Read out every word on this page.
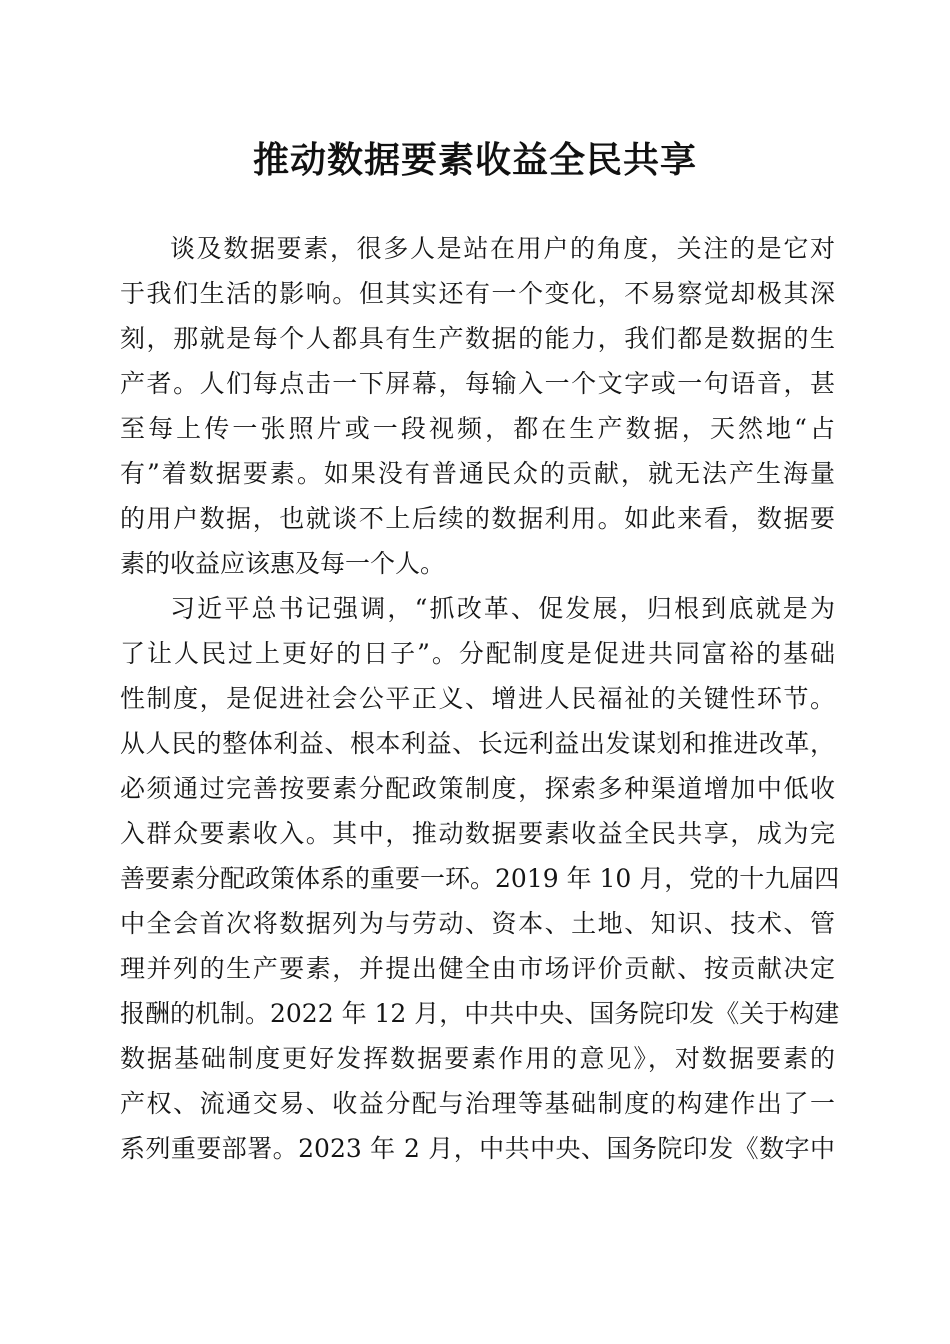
推动数据要素收益全民共享
谈及数据要素，很多人是站在用户的角度，关注的是它对
于我们生活的影响。但其实还有一个变化，不易察觉却极其深
刻，那就是每个人都具有生产数据的能力，我们都是数据的生
产者。人们每点击一下屏幕，每输入一个文字或一句语音，甚
至每上传一张照片或一段视频，都在生产数据，天然地“占
有”着数据要素。如果没有普通民众的贡献，就无法产生海量
的用户数据，也就谈不上后续的数据利用。如此来看，数据要
素的收益应该惠及每一个人。
习近平总书记强调，“抓改革、促发展，归根到底就是为
了让人民过上更好的日子”。分配制度是促进共同富裕的基础
性制度，是促进社会公平正义、增进人民福祉的关键性环节。
从人民的整体利益、根本利益、长远利益出发谋划和推进改革，
必须通过完善按要素分配政策制度，探索多种渠道增加中低收
入群众要素收入。其中，推动数据要素收益全民共享，成为完
善要素分配政策体系的重要一环。2019 年 10 月，党的十九届四
中全会首次将数据列为与劳动、资本、土地、知识、技术、管
理并列的生产要素，并提出健全由市场评价贡献、按贡献决定
报酬的机制。2022 年 12 月，中共中央、国务院印发《关于构建
数据基础制度更好发挥数据要素作用的意见》，对数据要素的
产权、流通交易、收益分配与治理等基础制度的构建作出了一
系列重要部署。2023 年 2 月，中共中央、国务院印发《数字中
